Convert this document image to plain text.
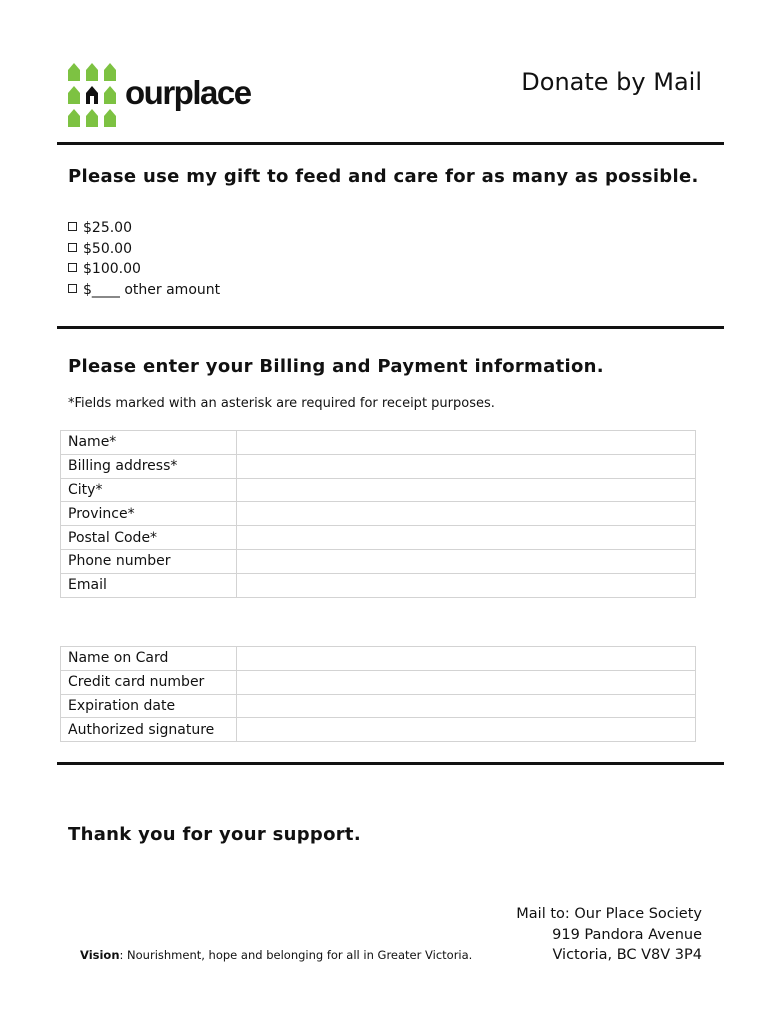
ourplace	Donate by Mail
Please use my gift to feed and care for as many as possible.
$25.00
$50.00
$100.00
$____ other amount
Please enter your Billing and Payment information.
*Fields marked with an asterisk are required for receipt purposes.
Name*	
Billing address*	
City*	
Province*	
Postal Code*	
Phone number	
Email	
Name on Card	
Credit card number	
Expiration date	
Authorized signature	
Thank you for your support.
Vision: Nourishment, hope and belonging for all in Greater Victoria.
Mail to: Our Place Society
919 Pandora Avenue
Victoria, BC V8V 3P4
